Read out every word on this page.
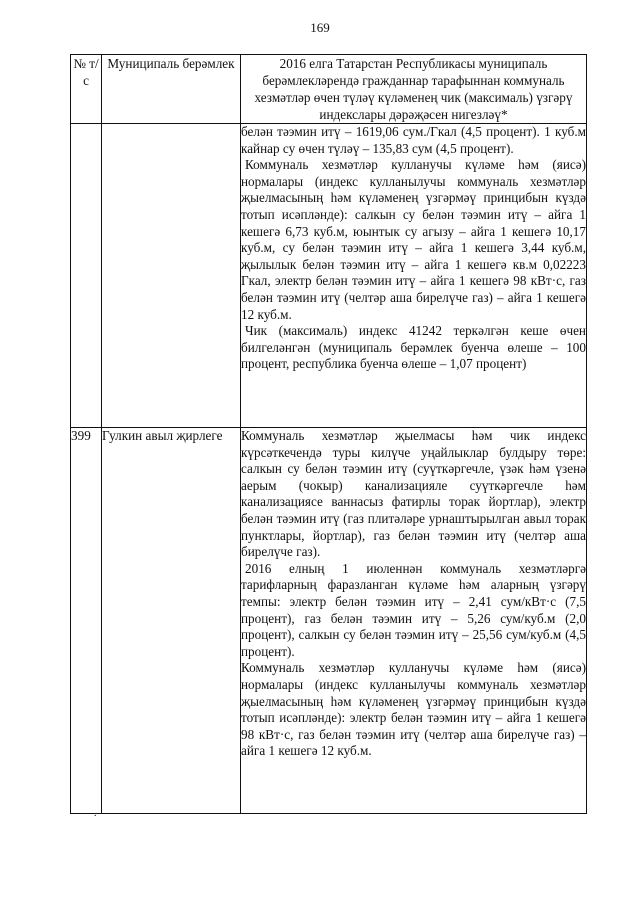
169
№ т/с	Муниципаль берәмлек	2016 елга Татарстан Республикасы муниципаль берәмлекләрендә гражданнар тарафыннан коммуналь хезмәтләр өчен түләү күләменең чик (максималь) үзгәрү индекслары дәрәҗәсен нигезләү*

		белән тәэмин итү – 1619,06 сум./Гкал (4,5 процент). 1 куб.м кайнар су өчен түләү – 135,83 сум (4,5 процент).

Коммуналь хезмәтләр кулланучы күләме һәм (яисә) нормалары (индекс кулланылучы коммуналь хезмәтләр җыелмасының һәм күләменең үзгәрмәү принцибын күздә тотып исәпләнде): салкын су белән тәэмин итү – айга 1 кешегә 6,73 куб.м, юынтык су агызу – айга 1 кешегә 10,17 куб.м, су белән тәэмин итү – айга 1 кешегә 3,44 куб.м, җылылык белән тәэмин итү – айга 1 кешегә кв.м 0,02223 Гкал, электр белән тәэмин итү – айга 1 кешегә 98 кВт·с, газ белән тәэмин итү (челтәр аша бирелүче газ) – айга 1 кешегә 12 куб.м.

Чик (максималь) индекс 41242 теркәлгән кеше өчен билгеләнгән (муниципаль берәмлек буенча өлеше – 100 процент, республика буенча өлеше – 1,07 процент)

399	Гулкин авыл җирлеге	Коммуналь хезмәтләр җыелмасы һәм чик индекс күрсәткечендә туры килүче уңайлыклар булдыру төре: салкын су белән тәэмин итү (суүткәргечле, үзәк һәм үзенә аерым (чокыр) канализацияле суүткәргечле һәм канализациясе ваннасыз фатирлы торак йортлар), электр белән тәэмин итү (газ плитәләре урнаштырылган авыл торак пунктлары, йортлар), газ белән тәэмин итү (челтәр аша бирелүче газ).

2016 елның 1 июленнән коммуналь хезмәтләргә тарифларның фаразланган күләме һәм аларның үзгәрү темпы: электр белән тәэмин итү – 2,41 сум/кВт·с (7,5 процент), газ белән тәэмин итү – 5,26 сум/куб.м (2,0 процент), салкын су белән тәэмин итү – 25,56 сум/куб.м (4,5 процент).

Коммуналь хезмәтләр кулланучы күләме һәм (яисә) нормалары (индекс кулланылучы коммуналь хезмәтләр җыелмасының һәм күләменең үзгәрмәү принцибын күздә тотып исәпләнде): электр белән тәэмин итү – айга 1 кешегә 98 кВт·с, газ белән тәэмин итү (челтәр аша бирелүче газ) – айга 1 кешегә 12 куб.м.

.
